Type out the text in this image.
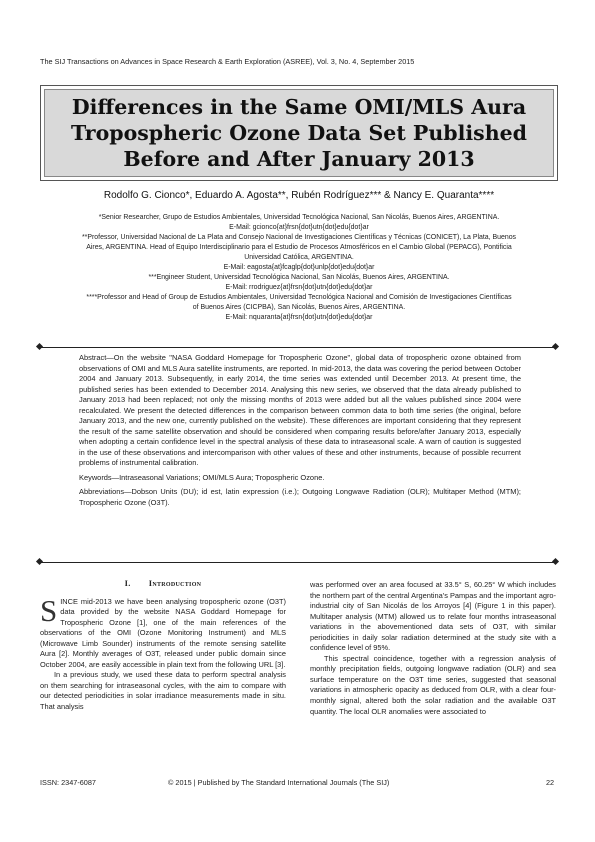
The SIJ Transactions on Advances in Space Research & Earth Exploration (ASREE), Vol. 3, No. 4, September 2015
Differences in the Same OMI/MLS Aura
Tropospheric Ozone Data Set Published
Before and After January 2013
Rodolfo G. Cionco*, Eduardo A. Agosta**, Rubén Rodríguez*** & Nancy E. Quaranta****
*Senior Researcher, Grupo de Estudios Ambientales, Universidad Tecnológica Nacional, San Nicolás, Buenos Aires, ARGENTINA.
E-Mail: gcionco{at}frsn{dot}utn{dot}edu{dot}ar
**Professor, Universidad Nacional de La Plata and Consejo Nacional de Investigaciones Científicas y Técnicas (CONICET), La Plata, Buenos
Aires, ARGENTINA. Head of Equipo Interdisciplinario para el Estudio de Procesos Atmosféricos en el Cambio Global (PEPACG), Pontificia
Universidad Católica, ARGENTINA.
E-Mail: eagosta{at}fcaglp{dot}unlp{dot}edu{dot}ar
***Engineer Student, Universidad Tecnológica Nacional, San Nicolás, Buenos Aires, ARGENTINA.
E-Mail: rrodriguez{at}frsn{dot}utn{dot}edu{dot}ar
****Professor and Head of Group de Estudios Ambientales, Universidad Tecnológica Nacional and Comisión de Investigaciones Científicas
of Buenos Aires (CICPBA), San Nicolás, Buenos Aires, ARGENTINA.
E-Mail: nquaranta{at}frsn{dot}utn{dot}edu{dot}ar

Abstract—On the website "NASA Goddard Homepage for Tropospheric Ozone", global data of tropospheric ozone obtained from observations of OMI and MLS Aura satellite instruments, are reported. In mid-2013, the data was covering the period between October 2004 and January 2013. Subsequently, in early 2014, the time series was extended until December 2013. At present time, the published series has been extended to December 2014. Analysing this new series, we observed that the data already published to January 2013 had been replaced; not only the missing months of 2013 were added but all the values published since 2004 were recalculated. We present the detected differences in the comparison between common data to both time series (the original, before January 2013, and the new one, currently published on the website). These differences are important considering that they represent the result of the same satellite observation and should be considered when comparing results before/after January 2013, especially when adopting a certain confidence level in the spectral analysis of these data to intraseasonal scale. A warn of caution is suggested in the use of these observations and intercomparison with other values of these and other instruments, because of possible recurrent problems of instrumental calibration.

Keywords—Intraseasonal Variations; OMI/MLS Aura; Tropospheric Ozone.

Abbreviations—Dobson Units (DU); id est, latin expression (i.e.); Outgoing Longwave Radiation (OLR); Multitaper Method (MTM); Tropospheric Ozone (O3T).

I. Introduction

SINCE mid-2013 we have been analysing tropospheric ozone (O3T) data provided by the website NASA Goddard Homepage for Tropospheric Ozone [1], one of the main references of the observations of the OMI (Ozone Monitoring Instrument) and MLS (Microwave Limb Sounder) instruments of the remote sensing satellite Aura [2]. Monthly averages of O3T, released under public domain since October 2004, are easily accessible in plain text from the following URL [3].

In a previous study, we used these data to perform spectral analysis on them searching for intraseasonal cycles, with the aim to compare with our detected periodicities in solar irradiance measurements made in situ. That analysis

was performed over an area focused at 33.5° S, 60.25° W which includes the northern part of the central Argentina's Pampas and the important agro-industrial city of San Nicolás de los Arroyos [4] (Figure 1 in this paper). Multitaper analysis (MTM) allowed us to relate four months intraseasonal variations in the abovementioned data sets of O3T, with similar periodicities in daily solar radiation determined at the study site with a confidence level of 95%.

This spectral coincidence, together with a regression analysis of monthly precipitation fields, outgoing longwave radiation (OLR) and sea surface temperature on the O3T time series, suggested that seasonal variations in atmospheric opacity as deduced from OLR, with a clear four-monthly signal, altered both the solar radiation and the available O3T quantity. The local OLR anomalies were associated to

ISSN: 2347-6087	© 2015 | Published by The Standard International Journals (The SIJ)	22
